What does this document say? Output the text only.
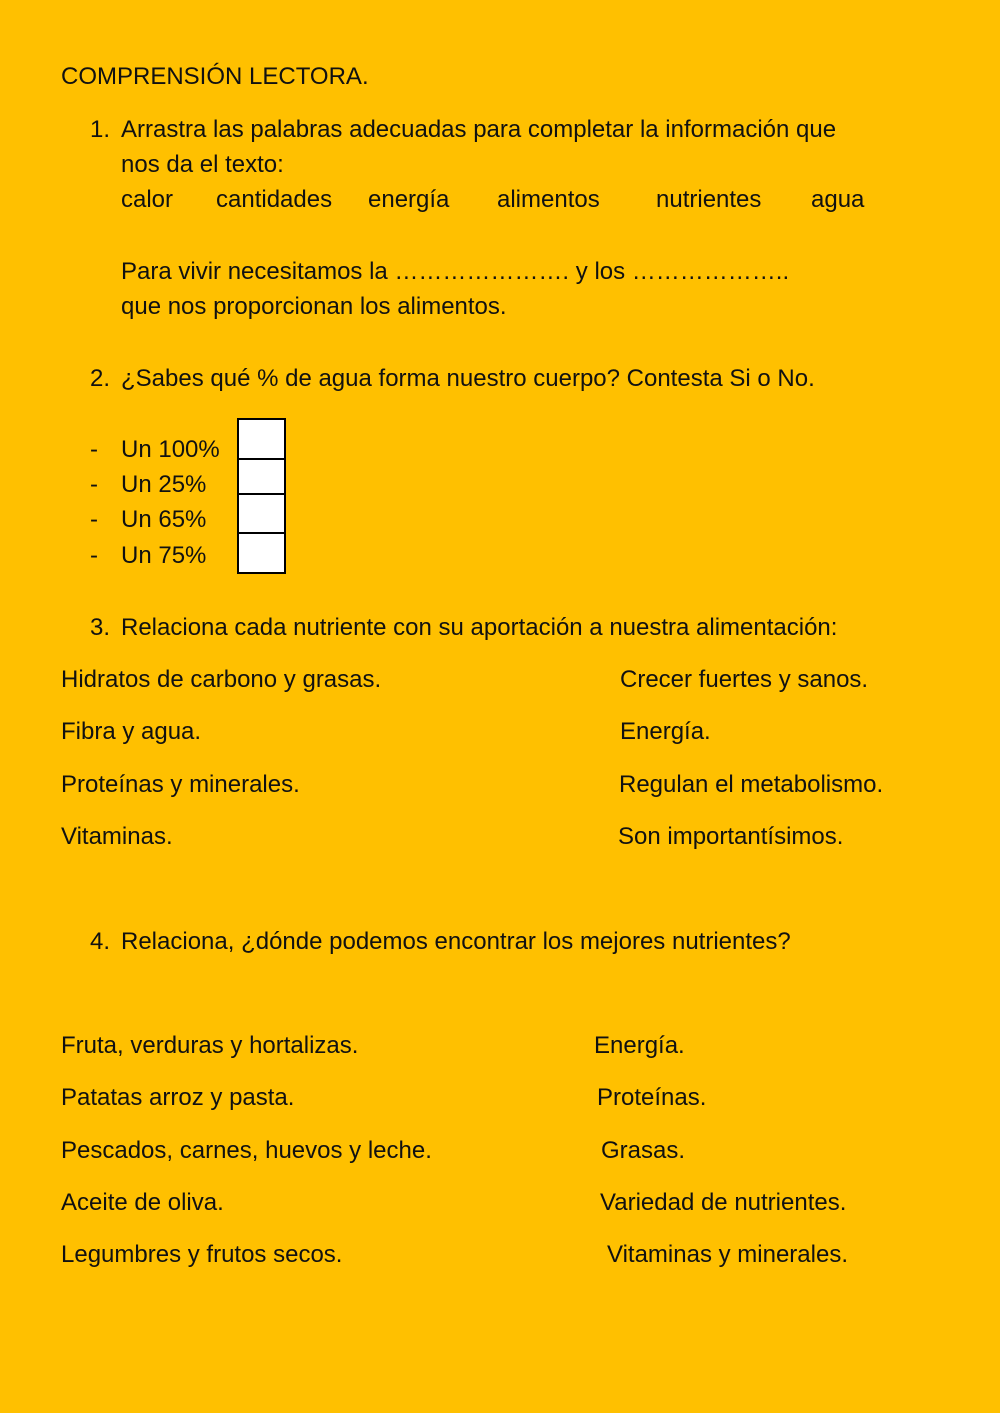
COMPRENSIÓN LECTORA.
1. Arrastra las palabras adecuadas para completar la información que
nos da el texto:
calor cantidades energía alimentos nutrientes agua
Para vivir necesitamos la …………………. y los ………………..
que nos proporcionan los alimentos.
2. ¿Sabes qué % de agua forma nuestro cuerpo? Contesta Si o No.
- Un 100%
- Un 25%
- Un 65%
- Un 75%
3. Relaciona cada nutriente con su aportación a nuestra alimentación:
Hidratos de carbono y grasas.
Fibra y agua.
Proteínas y minerales.
Vitaminas.
Crecer fuertes y sanos.
Energía.
Regulan el metabolismo.
Son importantísimos.
4. Relaciona, ¿dónde podemos encontrar los mejores nutrientes?
Fruta, verduras y hortalizas.
Patatas arroz y pasta.
Pescados, carnes, huevos y leche.
Aceite de oliva.
Legumbres y frutos secos.
Energía.
Proteínas.
Grasas.
Variedad de nutrientes.
Vitaminas y minerales.
